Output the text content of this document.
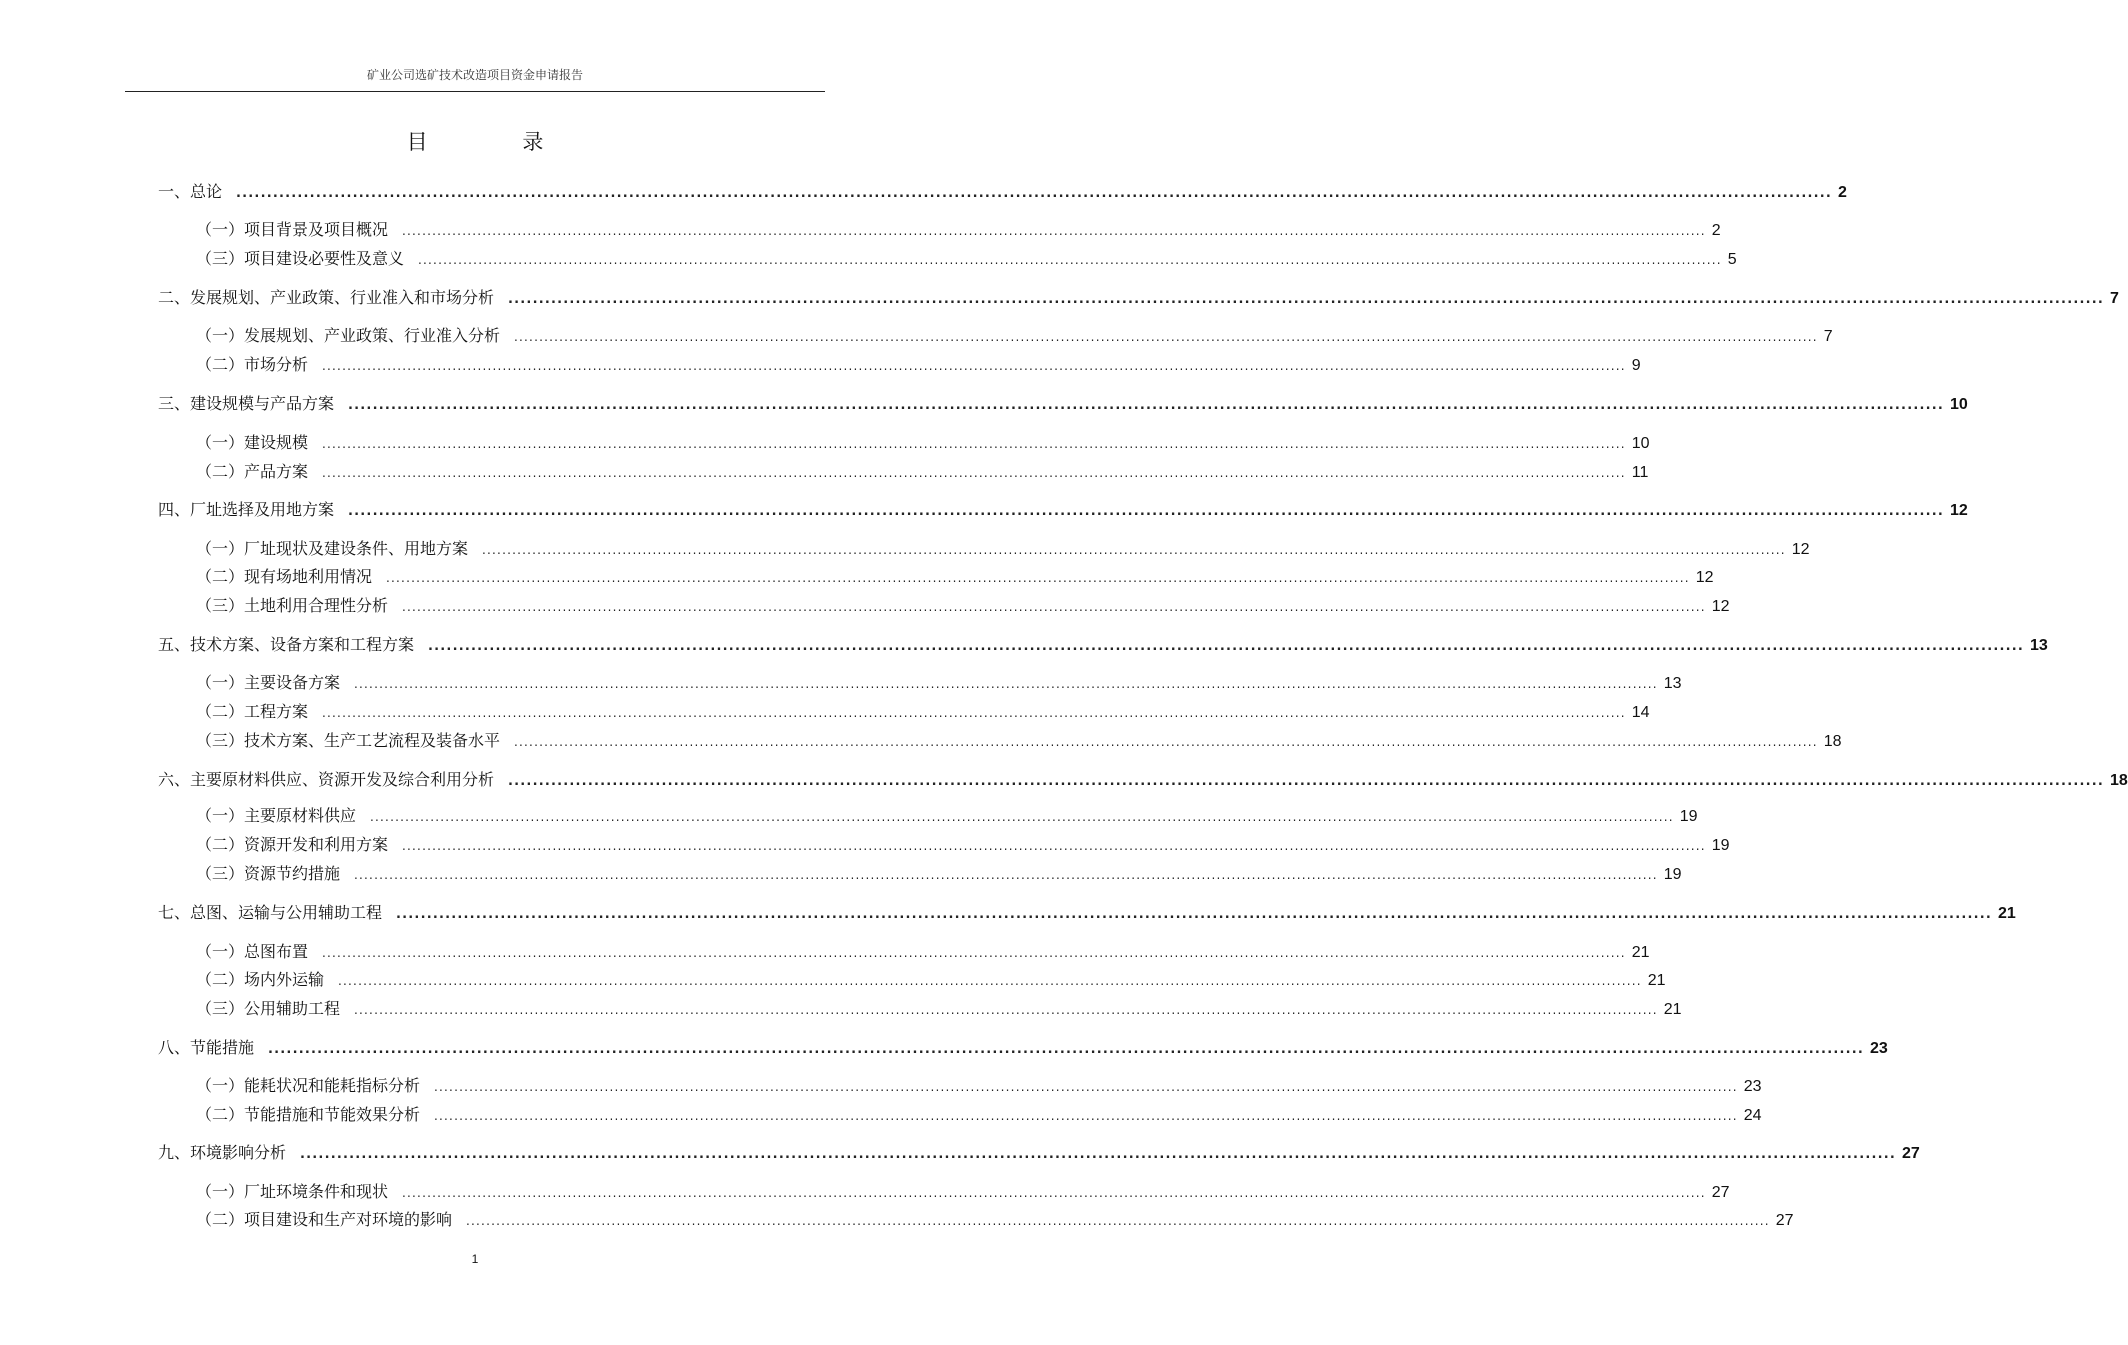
矿业公司选矿技术改造项目资金申请报告
目 录
一、总论 .................................................................................................................................................................................................................................................................... 2
（一）项目背景及项目概况 .................................................................................................................................................................................................................................................................... 2
（三）项目建设必要性及意义 .................................................................................................................................................................................................................................................................... 5
二、发展规划、产业政策、行业准入和市场分析 .................................................................................................................................................................................................................................................................... 7
（一）发展规划、产业政策、行业准入分析 .................................................................................................................................................................................................................................................................... 7
（二）市场分析 .................................................................................................................................................................................................................................................................... 9
三、建设规模与产品方案 .................................................................................................................................................................................................................................................................... 10
（一）建设规模 .................................................................................................................................................................................................................................................................... 10
（二）产品方案 .................................................................................................................................................................................................................................................................... 11
四、厂址选择及用地方案 .................................................................................................................................................................................................................................................................... 12
（一）厂址现状及建设条件、用地方案 .................................................................................................................................................................................................................................................................... 12
（二）现有场地利用情况 .................................................................................................................................................................................................................................................................... 12
（三）土地利用合理性分析 .................................................................................................................................................................................................................................................................... 12
五、技术方案、设备方案和工程方案 .................................................................................................................................................................................................................................................................... 13
（一）主要设备方案 .................................................................................................................................................................................................................................................................... 13
（二）工程方案 .................................................................................................................................................................................................................................................................... 14
（三）技术方案、生产工艺流程及装备水平 .................................................................................................................................................................................................................................................................... 18
六、主要原材料供应、资源开发及综合利用分析 .................................................................................................................................................................................................................................................................... 18
（一）主要原材料供应 .................................................................................................................................................................................................................................................................... 19
（二）资源开发和利用方案 .................................................................................................................................................................................................................................................................... 19
（三）资源节约措施 .................................................................................................................................................................................................................................................................... 19
七、总图、运输与公用辅助工程 .................................................................................................................................................................................................................................................................... 21
（一）总图布置 .................................................................................................................................................................................................................................................................... 21
（二）场内外运输 .................................................................................................................................................................................................................................................................... 21
（三）公用辅助工程 .................................................................................................................................................................................................................................................................... 21
八、节能措施 .................................................................................................................................................................................................................................................................... 23
（一）能耗状况和能耗指标分析 .................................................................................................................................................................................................................................................................... 23
（二）节能措施和节能效果分析 .................................................................................................................................................................................................................................................................... 24
九、环境影响分析 .................................................................................................................................................................................................................................................................... 27
（一）厂址环境条件和现状 .................................................................................................................................................................................................................................................................... 27
（二）项目建设和生产对环境的影响 .................................................................................................................................................................................................................................................................... 27
1
